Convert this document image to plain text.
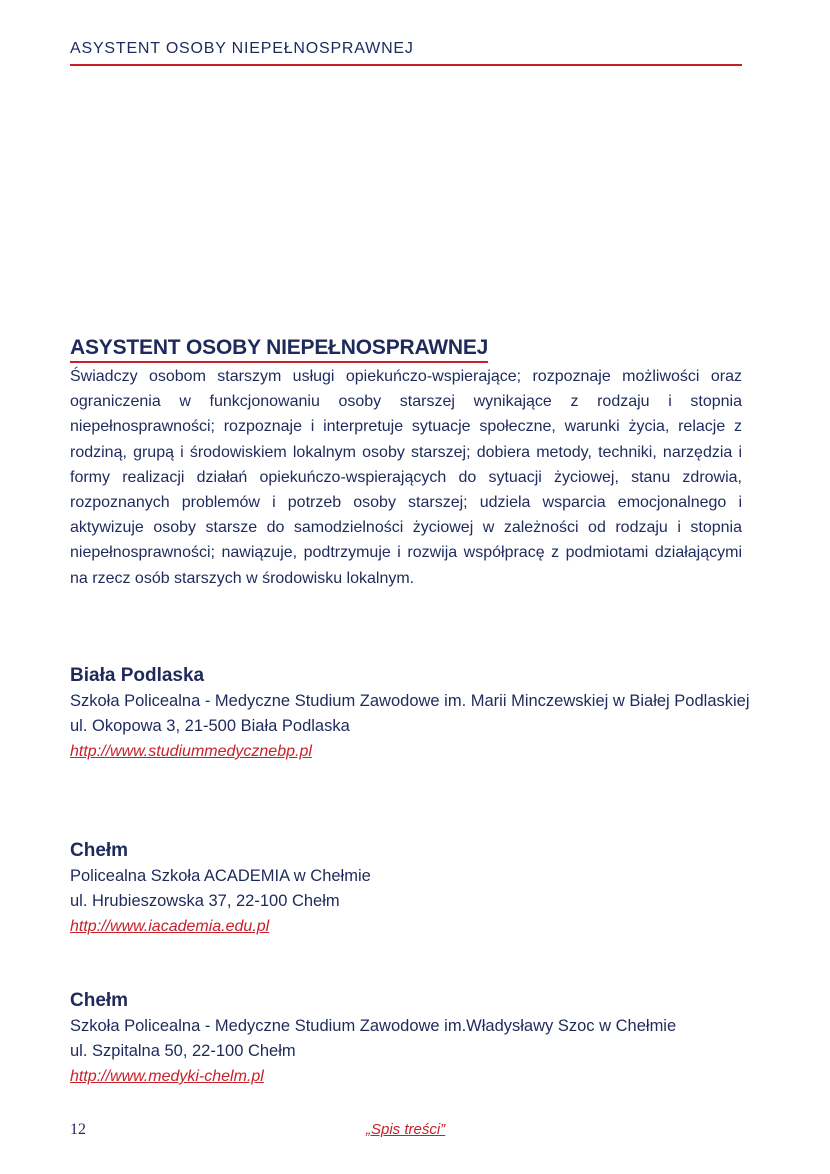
ASYSTENT OSOBY NIEPEŁNOSPRAWNEJ
ASYSTENT OSOBY NIEPEŁNOSPRAWNEJ

Świadczy osobom starszym usługi opiekuńczo-wspierające; rozpoznaje możliwości oraz ograniczenia w funkcjonowaniu osoby starszej wynikające z rodzaju i stopnia niepełnosprawności; rozpoznaje i interpretuje sytuacje społeczne, warunki życia, relacje z rodziną, grupą i środowiskiem lokalnym osoby starszej; dobiera metody, techniki, narzędzia i formy realizacji działań opiekuńczo-wspierających do sytuacji życiowej, stanu zdrowia, rozpoznanych problemów i potrzeb osoby starszej; udziela wsparcia emocjonalnego i aktywizuje osoby starsze do samodzielności życiowej w zależności od rodzaju i stopnia niepełnosprawności; nawiązuje, podtrzymuje i rozwija współpracę z podmiotami działającymi na rzecz osób starszych w środowisku lokalnym.

Biała Podlaska
Szkoła Policealna - Medyczne Studium Zawodowe im. Marii Minczewskiej w Białej Podlaskiej
ul. Okopowa 3, 21-500 Biała Podlaska
http://www.studiummedycznebp.pl
Chełm
Policealna Szkoła ACADEMIA w Chełmie
ul. Hrubieszowska 37, 22-100 Chełm
http://www.iacademia.edu.pl
Chełm
Szkoła Policealna - Medyczne Studium Zawodowe im.Władysławy Szoc w Chełmie
ul. Szpitalna 50, 22-100 Chełm
http://www.medyki-chelm.pl
12	„Spis treści”
